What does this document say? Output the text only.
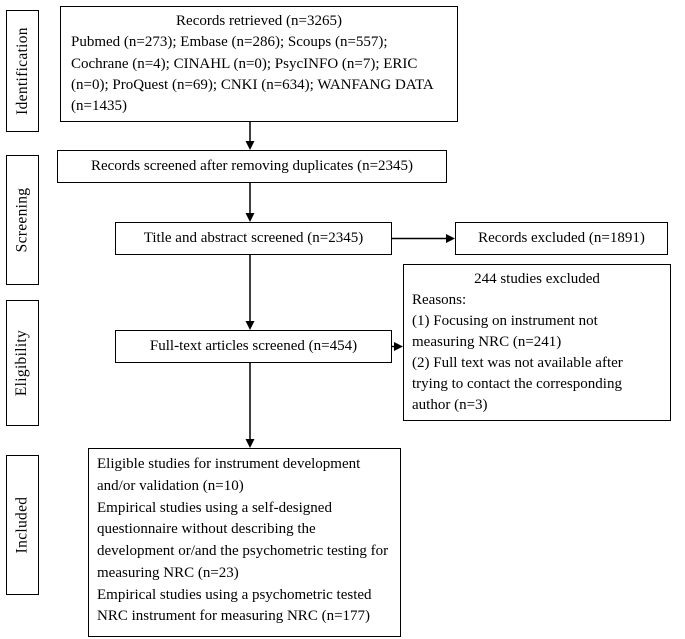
Identification
Screening
Eligibility
Included
Records retrieved (n=3265)
Pubmed (n=273); Embase (n=286); Scoups (n=557); Cochrane (n=4); CINAHL (n=0); PsycINFO (n=7); ERIC (n=0); ProQuest (n=69); CNKI (n=634); WANFANG DATA (n=1435)
Records screened after removing duplicates (n=2345)
Title and abstract screened (n=2345)	Records excluded (n=1891)
Full-text articles screened (n=454)
244 studies excluded
Reasons:
(1) Focusing on instrument not measuring NRC (n=241)
(2) Full text was not available after trying to contact the corresponding author (n=3)
Eligible studies for instrument development and/or validation (n=10)
Empirical studies using a self-designed questionnaire without describing the development or/and the psychometric testing for measuring NRC (n=23)
Empirical studies using a psychometric tested NRC instrument for measuring NRC (n=177)
